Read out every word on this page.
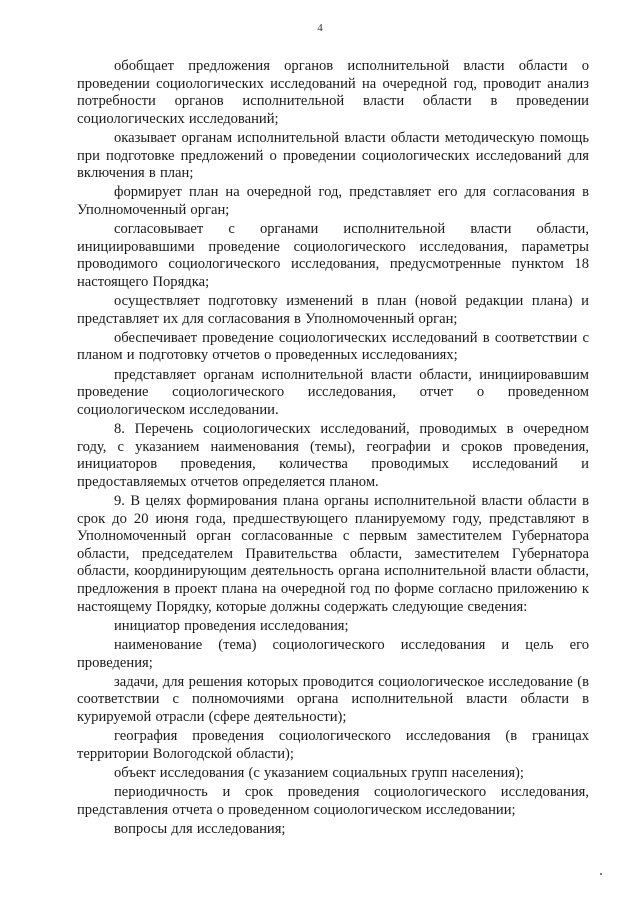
4

обобщает предложения органов исполнительной власти области о проведении социологических исследований на очередной год, проводит анализ потребности органов исполнительной власти области в проведении социологических исследований;

оказывает органам исполнительной власти области методическую помощь при подготовке предложений о проведении социологических исследований для включения в план;

формирует план на очередной год, представляет его для согласования в Уполномоченный орган;

согласовывает с органами исполнительной власти области, инициировавшими проведение социологического исследования, параметры проводимого социологического исследования, предусмотренные пунктом 18 настоящего Порядка;

осуществляет подготовку изменений в план (новой редакции плана) и представляет их для согласования в Уполномоченный орган;

обеспечивает проведение социологических исследований в соответствии с планом и подготовку отчетов о проведенных исследованиях;

представляет органам исполнительной власти области, инициировавшим проведение социологического исследования, отчет о проведенном социологическом исследовании.

8. Перечень социологических исследований, проводимых в очередном году, с указанием наименования (темы), географии и сроков проведения, инициаторов проведения, количества проводимых исследований и предоставляемых отчетов определяется планом.

9. В целях формирования плана органы исполнительной власти области в срок до 20 июня года, предшествующего планируемому году, представляют в Уполномоченный орган согласованные с первым заместителем Губернатора области, председателем Правительства области, заместителем Губернатора области, координирующим деятельность органа исполнительной власти области, предложения в проект плана на очередной год по форме согласно приложению к настоящему Порядку, которые должны содержать следующие сведения:

инициатор проведения исследования;

наименование (тема) социологического исследования и цель его проведения;

задачи, для решения которых проводится социологическое исследование (в соответствии с полномочиями органа исполнительной власти области в курируемой отрасли (сфере деятельности);

география проведения социологического исследования (в границах территории Вологодской области);

объект исследования (с указанием социальных групп населения);

периодичность и срок проведения социологического исследования, представления отчета о проведенном социологическом исследовании;

вопросы для исследования;
